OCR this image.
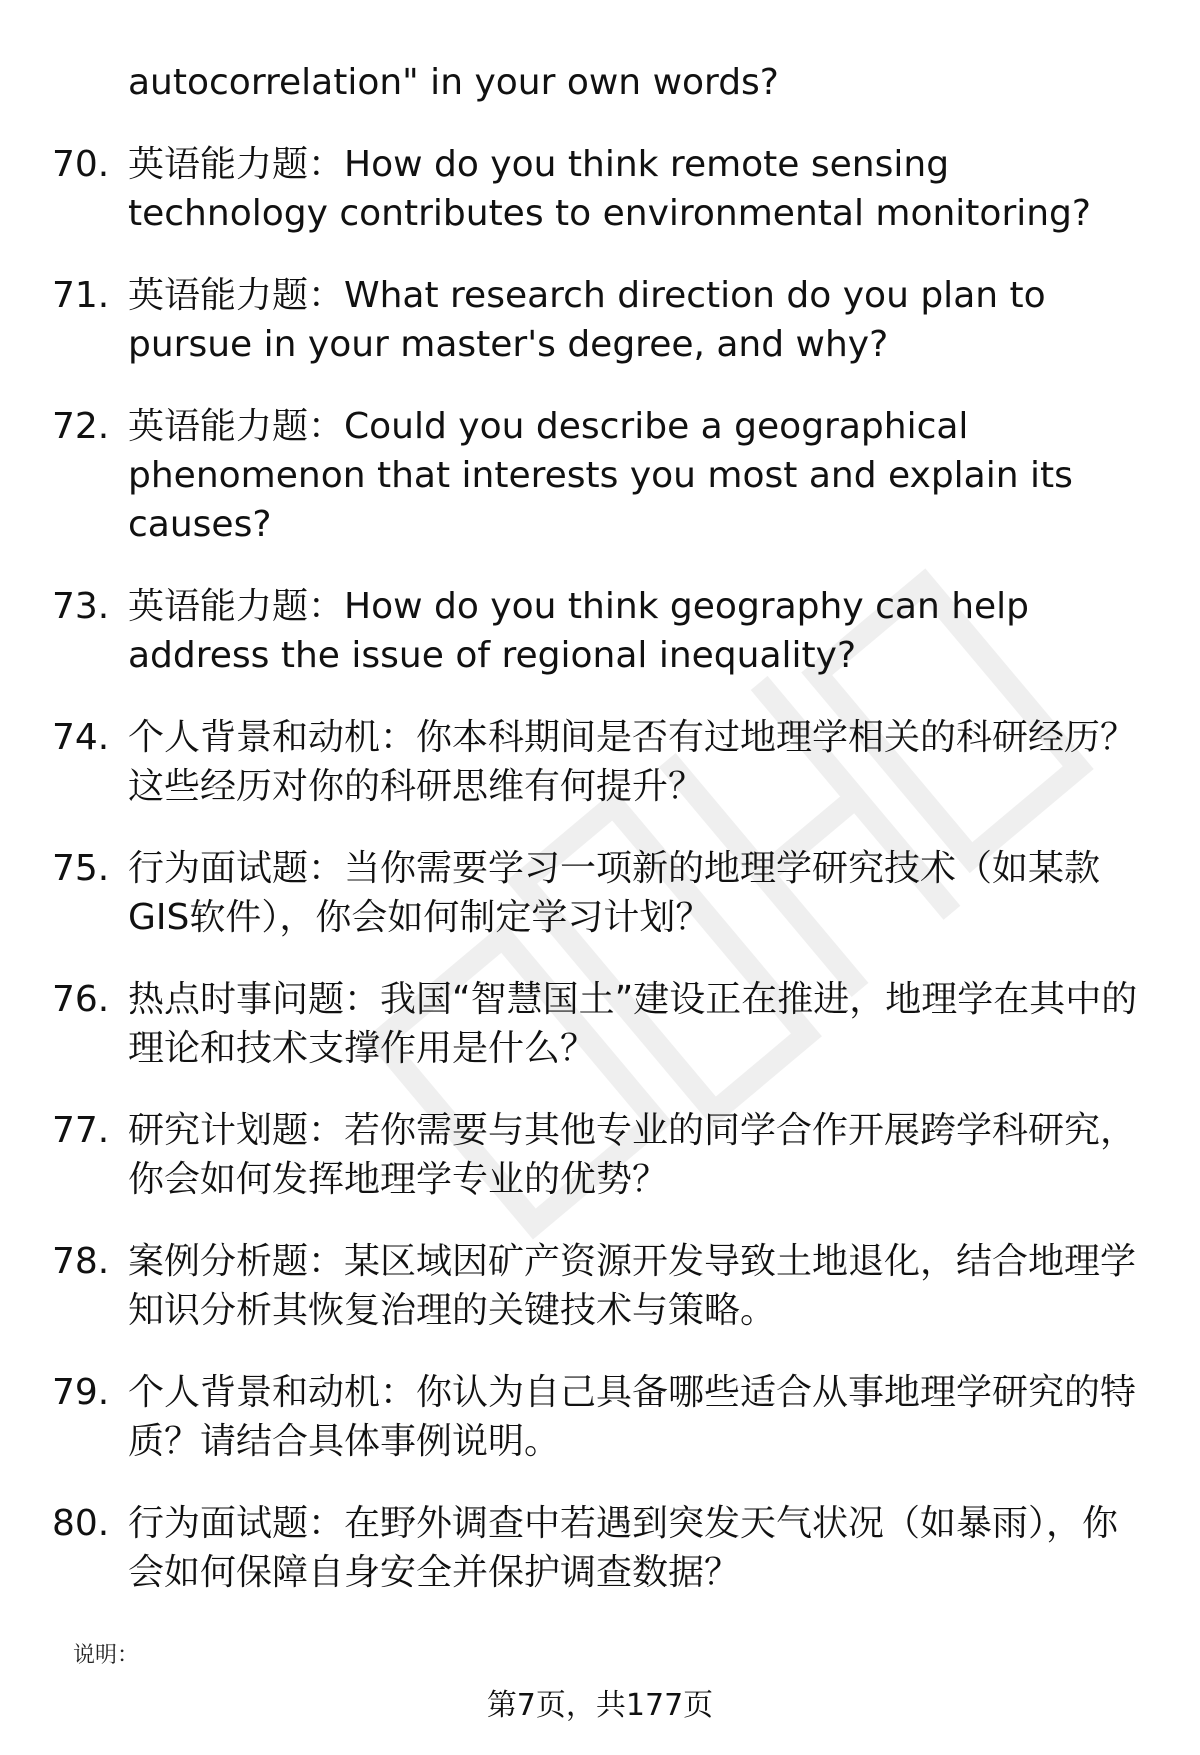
autocorrelation" in your own words?
70. 英语能力题：How do you think remote sensing technology contributes to environmental monitoring?
71. 英语能力题：What research direction do you plan to pursue in your master's degree, and why?
72. 英语能力题：Could you describe a geographical phenomenon that interests you most and explain its causes?
73. 英语能力题：How do you think geography can help address the issue of regional inequality?
74. 个人背景和动机：你本科期间是否有过地理学相关的科研经历？这些经历对你的科研思维有何提升？
75. 行为面试题：当你需要学习一项新的地理学研究技术（如某款GIS软件），你会如何制定学习计划？
76. 热点时事问题：我国“智慧国土”建设正在推进，地理学在其中的理论和技术支撑作用是什么？
77. 研究计划题：若你需要与其他专业的同学合作开展跨学科研究，你会如何发挥地理学专业的优势？
78. 案例分析题：某区域因矿产资源开发导致土地退化，结合地理学知识分析其恢复治理的关键技术与策略。
79. 个人背景和动机：你认为自己具备哪些适合从事地理学研究的特质？请结合具体事例说明。
80. 行为面试题：在野外调查中若遇到突发天气状况（如暴雨），你会如何保障自身安全并保护调查数据？
说明：
第7页，共177页
